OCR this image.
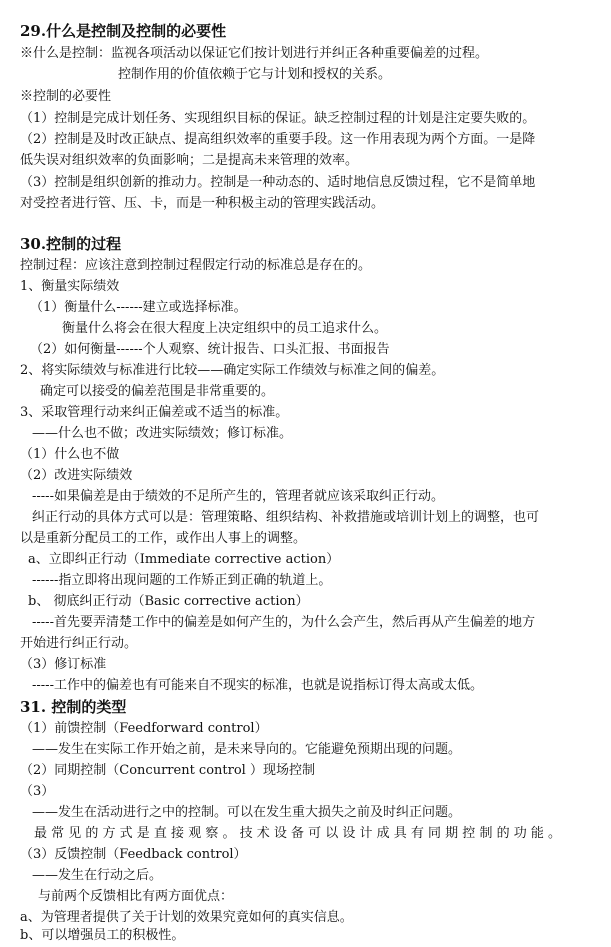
29.什么是控制及控制的必要性
※什么是控制：监视各项活动以保证它们按计划进行并纠正各种重要偏差的过程。
控制作用的价值依赖于它与计划和授权的关系。
※控制的必要性
（1）控制是完成计划任务、实现组织目标的保证。缺乏控制过程的计划是注定要失败的。
（2）控制是及时改正缺点、提高组织效率的重要手段。这一作用表现为两个方面。一是降
低失误对组织效率的负面影响；二是提高未来管理的效率。
（3）控制是组织创新的推动力。控制是一种动态的、适时地信息反馈过程，它不是简单地
对受控者进行管、压、卡，而是一种积极主动的管理实践活动。
30.控制的过程
控制过程：应该注意到控制过程假定行动的标准总是存在的。
1、衡量实际绩效
（1）衡量什么------建立或选择标准。
衡量什么将会在很大程度上决定组织中的员工追求什么。
（2）如何衡量------个人观察、统计报告、口头汇报、书面报告
2、将实际绩效与标准进行比较——确定实际工作绩效与标准之间的偏差。
确定可以接受的偏差范围是非常重要的。
3、采取管理行动来纠正偏差或不适当的标准。
——什么也不做；改进实际绩效；修订标准。
（1）什么也不做
（2）改进实际绩效
-----如果偏差是由于绩效的不足所产生的，管理者就应该采取纠正行动。
纠正行动的具体方式可以是：管理策略、组织结构、补救措施或培训计划上的调整，也可
以是重新分配员工的工作，或作出人事上的调整。
a、立即纠正行动（Immediate corrective action）
------指立即将出现问题的工作矫正到正确的轨道上。
b、 彻底纠正行动（Basic corrective action）
-----首先要弄清楚工作中的偏差是如何产生的，为什么会产生，然后再从产生偏差的地方
开始进行纠正行动。
（3）修订标准
-----工作中的偏差也有可能来自不现实的标准，也就是说指标订得太高或太低。
31. 控制的类型
（1）前馈控制（Feedforward control）
——发生在实际工作开始之前，是未来导向的。它能避免预期出现的问题。
（2）同期控制（Concurrent control ）现场控制
（3）
——发生在活动进行之中的控制。可以在发生重大损失之前及时纠正问题。
最 常 见 的 方 式 是 直 接 观 察 。 技 术 设 备 可 以 设 计 成 具 有 同 期 控 制 的 功 能 。
（3）反馈控制（Feedback control）
——发生在行动之后。
与前两个反馈相比有两方面优点：
a、为管理者提供了关于计划的效果究竟如何的真实信息。
b、可以增强员工的积极性。
